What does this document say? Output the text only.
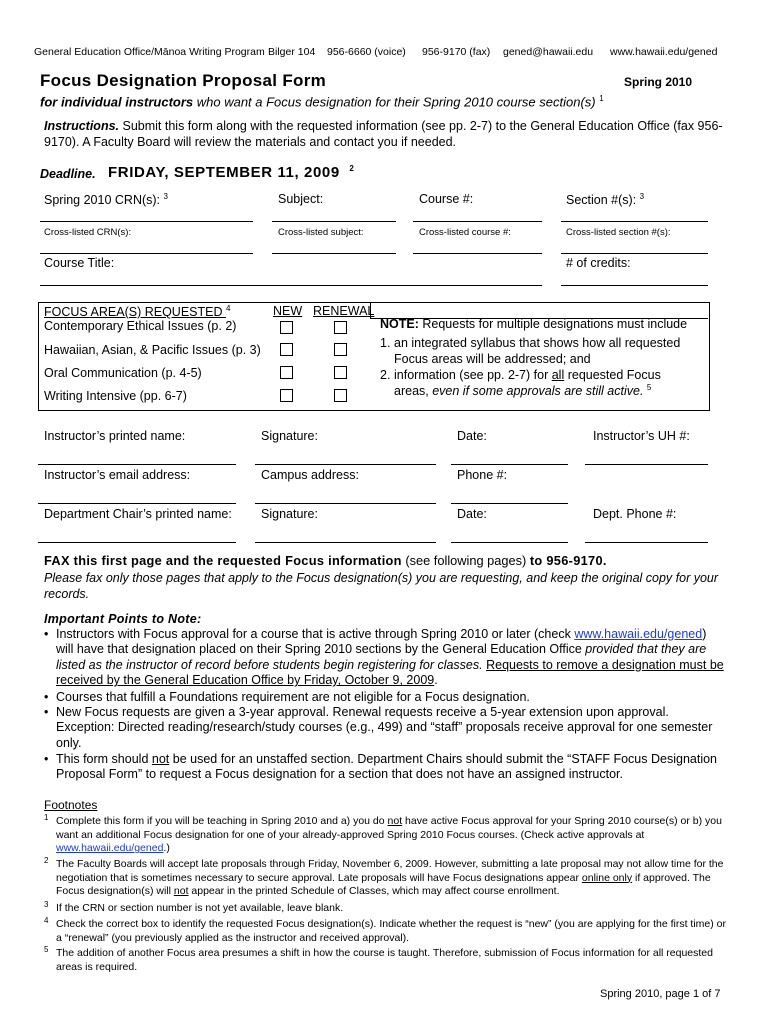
General Education Office/Mānoa Writing Program Bilger 104 956-6660 (voice) 956-9170 (fax) gened@hawaii.edu www.hawaii.edu/gened
Focus Designation Proposal Form	Spring 2010
for individual instructors who want a Focus designation for their Spring 2010 course section(s) $^1$
Instructions. Submit this form along with the requested information (see pp. 2-7) to the General Education Office (fax 956-9170). A Faculty Board will review the materials and contact you if needed.
Deadline. FRIDAY, SEPTEMBER 11, 2009 $^2$
Spring 2010 CRN(s): $^3$	Subject:	Course #:	Section #(s): $^3$
Cross-listed CRN(s):	Cross-listed subject:	Cross-listed course #:	Cross-listed section #(s):
Course Title:	# of credits:
FOCUS AREA(S) REQUESTED $^4$	NEW RENEWAL
Contemporary Ethical Issues (p. 2)
Hawaiian, Asian, & Pacific Issues (p. 3)
Oral Communication (p. 4-5)
Writing Intensive (pp. 6-7)
NOTE: Requests for multiple designations must include
1. an integrated syllabus that shows how all requested
Focus areas will be addressed; and
2. information (see pp. 2-7) for all requested Focus
areas, even if some approvals are still active. $^5$
Instructor’s printed name:	Signature:	Date:	Instructor’s UH #:
Instructor’s email address:	Campus address:	Phone #:
Department Chair’s printed name: Signature:	Date:	Dept. Phone #:
FAX this first page and the requested Focus information (see following pages) to 956-9170.
Please fax only those pages that apply to the Focus designation(s) you are requesting, and keep the original copy for your records.
Important Points to Note:
• Instructors with Focus approval for a course that is active through Spring 2010 or later (check www.hawaii.edu/gened) will have that designation placed on their Spring 2010 sections by the General Education Office provided that they are listed as the instructor of record before students begin registering for classes. Requests to remove a designation must be received by the General Education Office by Friday, October 9, 2009.
• Courses that fulfill a Foundations requirement are not eligible for a Focus designation.
• New Focus requests are given a 3-year approval. Renewal requests receive a 5-year extension upon approval. Exception: Directed reading/research/study courses (e.g., 499) and “staff” proposals receive approval for one semester only.
• This form should not be used for an unstaffed section. Department Chairs should submit the “STAFF Focus Designation Proposal Form” to request a Focus designation for a section that does not have an assigned instructor.
Footnotes
1 Complete this form if you will be teaching in Spring 2010 and a) you do not have active Focus approval for your Spring 2010 course(s) or b) you want an additional Focus designation for one of your already-approved Spring 2010 Focus courses. (Check active approvals at www.hawaii.edu/gened.)
2 The Faculty Boards will accept late proposals through Friday, November 6, 2009. However, submitting a late proposal may not allow time for the negotiation that is sometimes necessary to secure approval. Late proposals will have Focus designations appear online only if approved. The Focus designation(s) will not appear in the printed Schedule of Classes, which may affect course enrollment.
3 If the CRN or section number is not yet available, leave blank.
4 Check the correct box to identify the requested Focus designation(s). Indicate whether the request is “new” (you are applying for the first time) or a “renewal” (you previously applied as the instructor and received approval).
5 The addition of another Focus area presumes a shift in how the course is taught. Therefore, submission of Focus information for all requested areas is required.
Spring 2010, page 1 of 7
